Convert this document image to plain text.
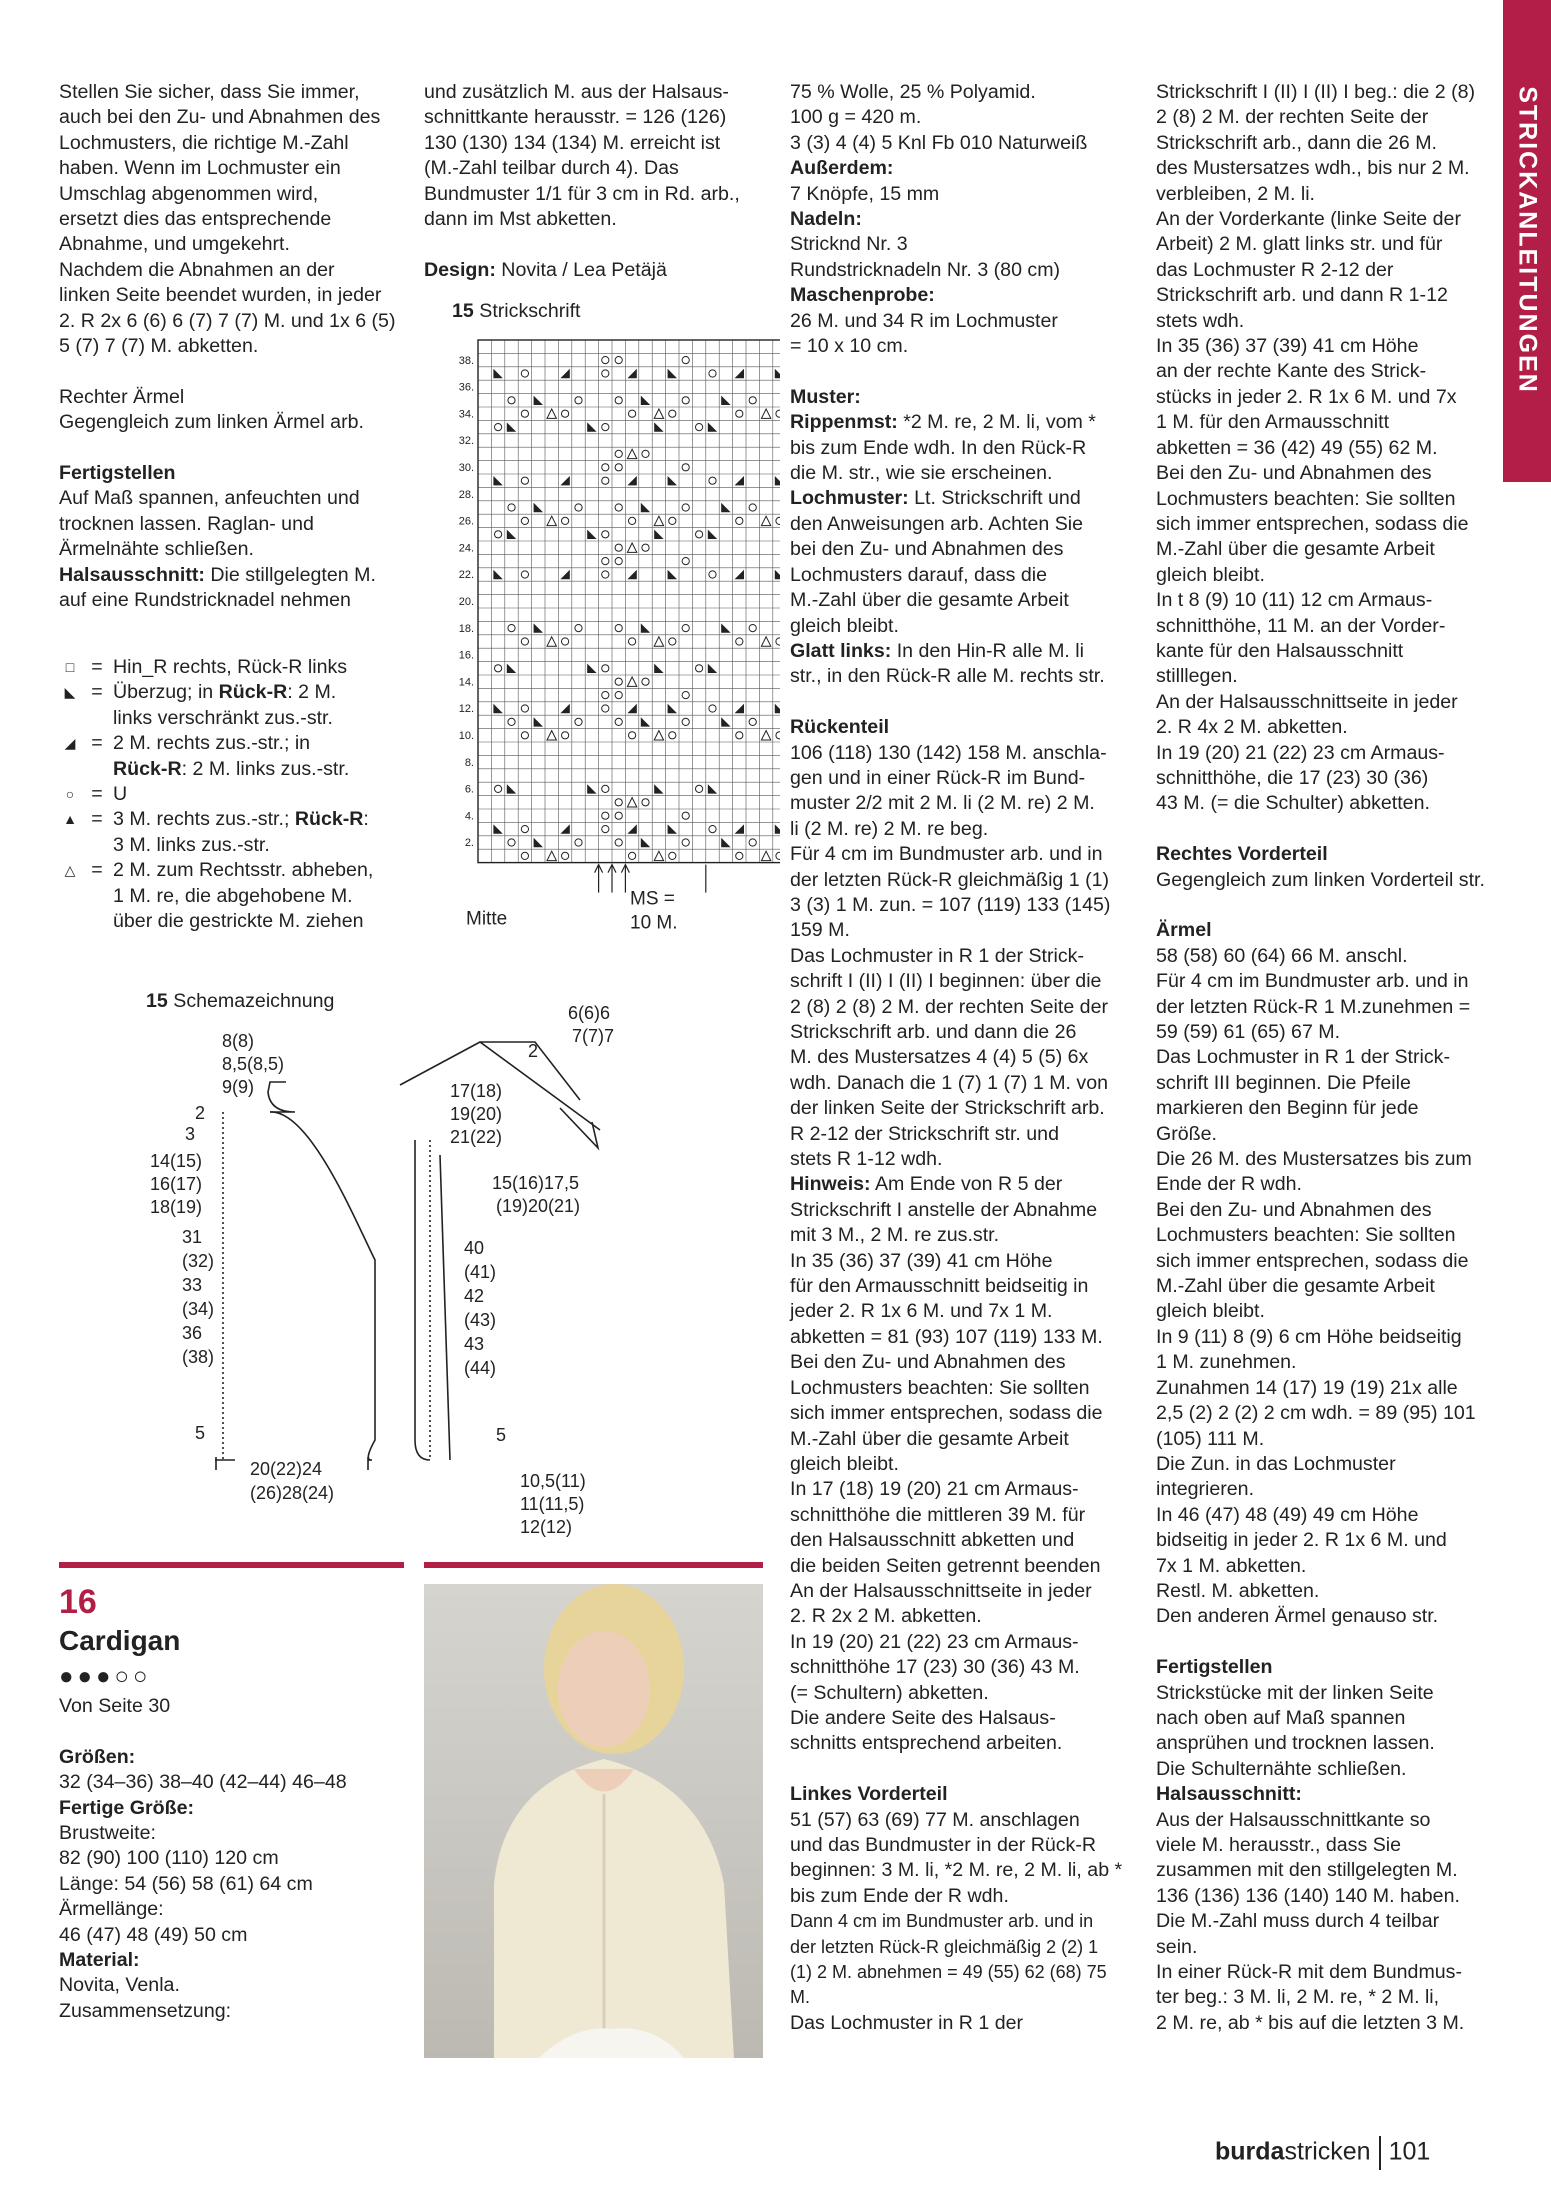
STRICKANLEITUNGEN

Stellen Sie sicher, dass Sie immer,

auch bei den Zu- und Abnahmen des

Lochmusters, die richtige M.-Zahl

haben. Wenn im Lochmuster ein

Umschlag abgenommen wird,

ersetzt dies das entsprechende

Abnahme, und umgekehrt.

Nachdem die Abnahmen an der

linken Seite beendet wurden, in jeder

2. R 2x 6 (6) 6 (7) 7 (7) M. und 1x 6 (5)

5 (7) 7 (7) M. abketten.

Rechter Ärmel

Gegengleich zum linken Ärmel arb.

Fertigstellen

Auf Maß spannen, anfeuchten und

trocknen lassen. Raglan- und

Ärmelnähte schließen.

Halsausschnitt: Die stillgelegten M.

auf eine Rundstricknadel nehmen

□ = Hin_R rechts, Rück-R links
◣ = Überzug; in Rück-R: 2 M.
links verschränkt zus.-str.
◢ = 2 M. rechts zus.-str.; in
Rück-R: 2 M. links zus.-str.
○ = U
▲ = 3 M. rechts zus.-str.; Rück-R:
3 M. links zus.-str.
△ = 2 M. zum Rechtsstr. abheben,
1 M. re, die abgehobene M.
über die gestrickte M. ziehen

und zusätzlich M. aus der Halsaus-

schnittkante herausstr. = 126 (126)

130 (130) 134 (134) M. erreicht ist

(M.-Zahl teilbar durch 4). Das

Bundmuster 1/1 für 3 cm in Rd. arb.,

dann im Mst abketten.

Design: Novita / Lea Petäjä

15 Strickschrift
38.
36.
34.
32.
30.
28.
26.
24.
22.
20.
18.
16.
14.
12.
10.
8.
6.
4.
2.
Mitte
MS =
10 M.
15 Schemazeichnung
8(8)
8,5(8,5)
9(9)
2
3
14(15)
16(17)
18(19)
31
(32)
33
(34)
36
(38)
5
20(22)24
(26)28(24)
6(6)6
7(7)7
2
17(18)
19(20)
21(22)
15(16)17,5
(19)20(21)
40
(41)
42
(43)
43
(44)
5
10,5(11)
11(11,5)
12(12)
16
Cardigan
●●●○○

Von Seite 30

Größen:

32 (34–36) 38–40 (42–44) 46–48

Fertige Größe:

Brustweite:

82 (90) 100 (110) 120 cm

Länge: 54 (56) 58 (61) 64 cm

Ärmellänge:

46 (47) 48 (49) 50 cm

Material:

Novita, Venla.

Zusammensetzung:

75 % Wolle, 25 % Polyamid.

100 g = 420 m.

3 (3) 4 (4) 5 Knl Fb 010 Naturweiß

Außerdem:

7 Knöpfe, 15 mm

Nadeln:

Stricknd Nr. 3

Rundstricknadeln Nr. 3 (80 cm)

Maschenprobe:

26 M. und 34 R im Lochmuster

= 10 x 10 cm.

Muster:

Rippenmst: *2 M. re, 2 M. li, vom *

bis zum Ende wdh. In den Rück-R

die M. str., wie sie erscheinen.

Lochmuster: Lt. Strickschrift und

den Anweisungen arb. Achten Sie

bei den Zu- und Abnahmen des

Lochmusters darauf, dass die

M.-Zahl über die gesamte Arbeit

gleich bleibt.

Glatt links: In den Hin-R alle M. li

str., in den Rück-R alle M. rechts str.

Rückenteil

106 (118) 130 (142) 158 M. anschla-

gen und in einer Rück-R im Bund-

muster 2/2 mit 2 M. li (2 M. re) 2 M.

li (2 M. re) 2 M. re beg.

Für 4 cm im Bundmuster arb. und in

der letzten Rück-R gleichmäßig 1 (1)

3 (3) 1 M. zun. = 107 (119) 133 (145)

159 M.

Das Lochmuster in R 1 der Strick-

schrift I (II) I (II) I beginnen: über die

2 (8) 2 (8) 2 M. der rechten Seite der

Strickschrift arb. und dann die 26

M. des Mustersatzes 4 (4) 5 (5) 6x

wdh. Danach die 1 (7) 1 (7) 1 M. von

der linken Seite der Strickschrift arb.

R 2-12 der Strickschrift str. und

stets R 1-12 wdh.

Hinweis: Am Ende von R 5 der

Strickschrift I anstelle der Abnahme

mit 3 M., 2 M. re zus.str.

In 35 (36) 37 (39) 41 cm Höhe

für den Armausschnitt beidseitig in

jeder 2. R 1x 6 M. und 7x 1 M.

abketten = 81 (93) 107 (119) 133 M.

Bei den Zu- und Abnahmen des

Lochmusters beachten: Sie sollten

sich immer entsprechen, sodass die

M.-Zahl über die gesamte Arbeit

gleich bleibt.

In 17 (18) 19 (20) 21 cm Armaus-

schnitthöhe die mittleren 39 M. für

den Halsausschnitt abketten und

die beiden Seiten getrennt beenden

An der Halsausschnittseite in jeder

2. R 2x 2 M. abketten.

In 19 (20) 21 (22) 23 cm Armaus-

schnitthöhe 17 (23) 30 (36) 43 M.

(= Schultern) abketten.

Die andere Seite des Halsaus-

schnitts entsprechend arbeiten.

Linkes Vorderteil

51 (57) 63 (69) 77 M. anschlagen

und das Bundmuster in der Rück-R

beginnen: 3 M. li, *2 M. re, 2 M. li, ab *

bis zum Ende der R wdh.

Dann 4 cm im Bundmuster arb. und in

der letzten Rück-R gleichmäßig 2 (2) 1

(1) 2 M. abnehmen = 49 (55) 62 (68) 75

M.

Das Lochmuster in R 1 der

Strickschrift I (II) I (II) I beg.: die 2 (8)

2 (8) 2 M. der rechten Seite der

Strickschrift arb., dann die 26 M.

des Mustersatzes wdh., bis nur 2 M.

verbleiben, 2 M. li.

An der Vorderkante (linke Seite der

Arbeit) 2 M. glatt links str. und für

das Lochmuster R 2-12 der

Strickschrift arb. und dann R 1-12

stets wdh.

In 35 (36) 37 (39) 41 cm Höhe

an der rechte Kante des Strick-

stücks in jeder 2. R 1x 6 M. und 7x

1 M. für den Armausschnitt

abketten = 36 (42) 49 (55) 62 M.

Bei den Zu- und Abnahmen des

Lochmusters beachten: Sie sollten

sich immer entsprechen, sodass die

M.-Zahl über die gesamte Arbeit

gleich bleibt.

In t 8 (9) 10 (11) 12 cm Armaus-

schnitthöhe, 11 M. an der Vorder-

kante für den Halsausschnitt

stilllegen.

An der Halsausschnittseite in jeder

2. R 4x 2 M. abketten.

In 19 (20) 21 (22) 23 cm Armaus-

schnitthöhe, die 17 (23) 30 (36)

43 M. (= die Schulter) abketten.

Rechtes Vorderteil

Gegengleich zum linken Vorderteil str.

Ärmel

58 (58) 60 (64) 66 M. anschl.

Für 4 cm im Bundmuster arb. und in

der letzten Rück-R 1 M.zunehmen =

59 (59) 61 (65) 67 M.

Das Lochmuster in R 1 der Strick-

schrift III beginnen. Die Pfeile

markieren den Beginn für jede

Größe.

Die 26 M. des Mustersatzes bis zum

Ende der R wdh.

Bei den Zu- und Abnahmen des

Lochmusters beachten: Sie sollten

sich immer entsprechen, sodass die

M.-Zahl über die gesamte Arbeit

gleich bleibt.

In 9 (11) 8 (9) 6 cm Höhe beidseitig

1 M. zunehmen.

Zunahmen 14 (17) 19 (19) 21x alle

2,5 (2) 2 (2) 2 cm wdh. = 89 (95) 101

(105) 111 M.

Die Zun. in das Lochmuster

integrieren.

In 46 (47) 48 (49) 49 cm Höhe

bidseitig in jeder 2. R 1x 6 M. und

7x 1 M. abketten.

Restl. M. abketten.

Den anderen Ärmel genauso str.

Fertigstellen

Strickstücke mit der linken Seite

nach oben auf Maß spannen

ansprühen und trocknen lassen.

Die Schulternähte schließen.

Halsausschnitt:

Aus der Halsausschnittkante so

viele M. herausstr., dass Sie

zusammen mit den stillgelegten M.

136 (136) 136 (140) 140 M. haben.

Die M.-Zahl muss durch 4 teilbar

sein.

In einer Rück-R mit dem Bundmus-

ter beg.: 3 M. li, 2 M. re, * 2 M. li,

2 M. re, ab * bis auf die letzten 3 M.

burdastricken 101
